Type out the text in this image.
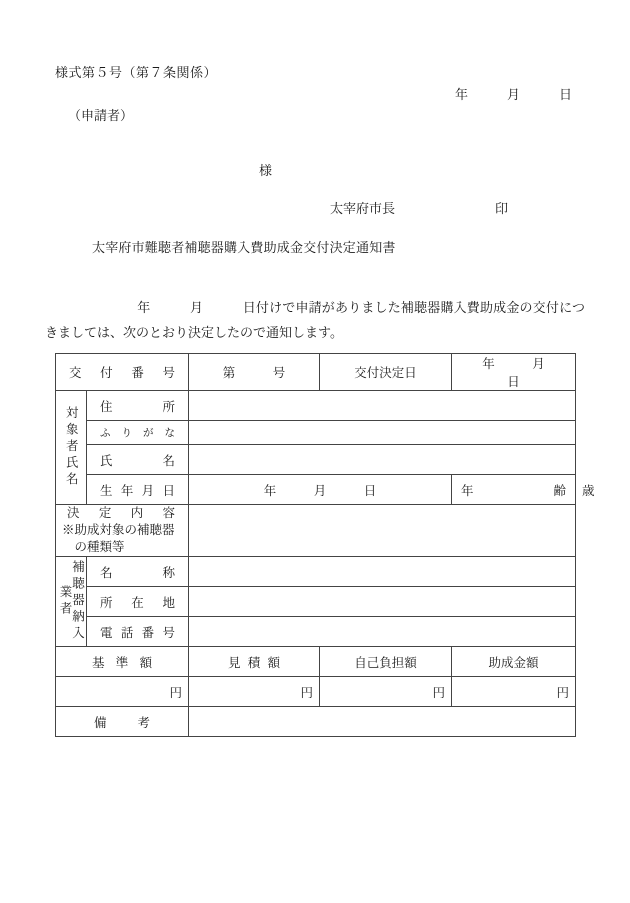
様式第５号（第７条関係）
年　　　月　　　日
（申請者）
様
太宰府市長	印
太宰府市難聴者補聴器購入費助成金交付決定通知書
　　　　　　　年　　　月　　　日付けで申請がありました補聴器購入費助成金の交付につきましては、次のとおり決定したので通知します。
交 付 番 号		第　　　号	交付決定日	年　　　月　　　日	

対象者氏名	住 所				

	ふ り が な				

	氏 名				

	生 年 月 日	年　　　月　　　日		年 齢	歳

決 定 内 容
※助成対象の補聴器
　の種類等

補聴器納入業者	名 称				

	所 在 地				

	電 話 番 号				

基 準 額		見 積 額	自己負担額	助成金額	
円		円	円	円	

備 考					
